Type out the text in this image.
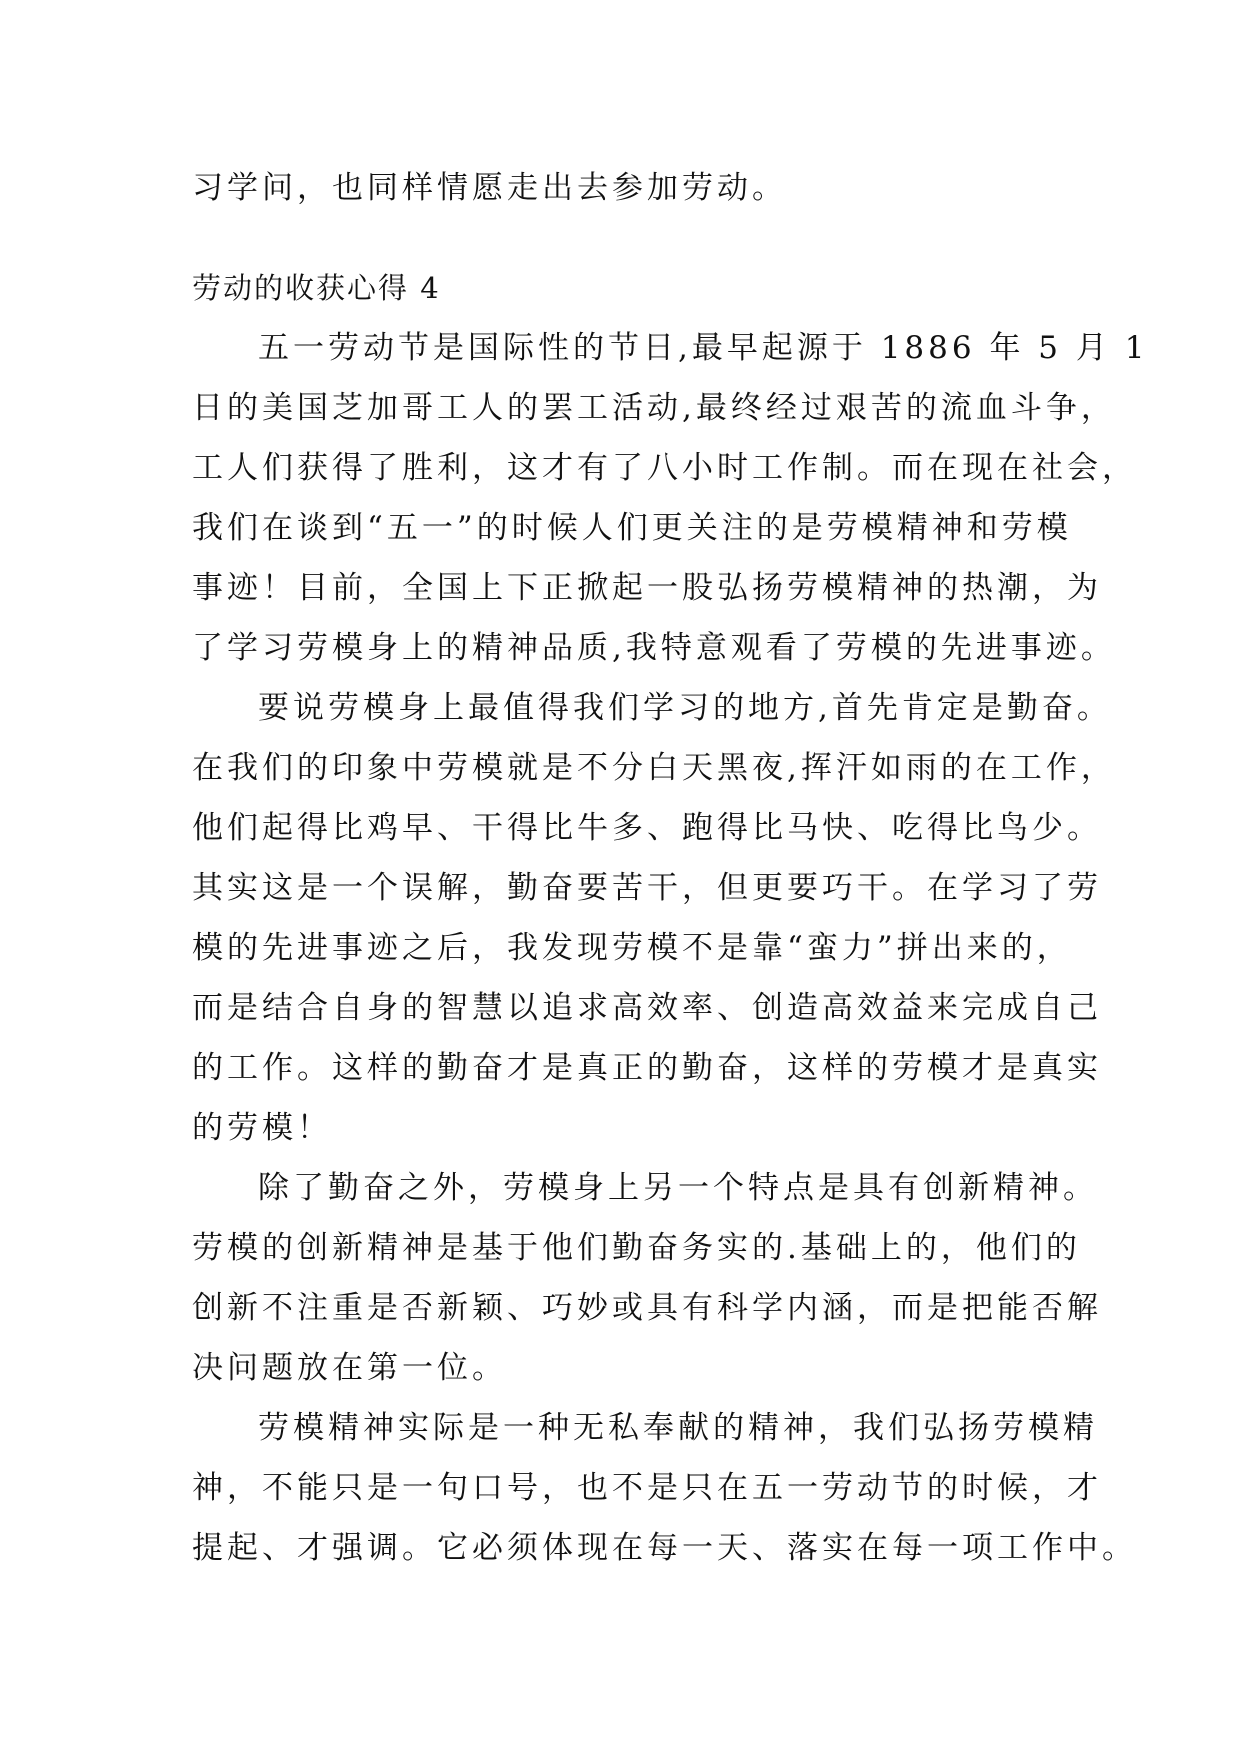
习学问，也同样情愿走出去参加劳动。
劳动的收获心得 4
五一劳动节是国际性的节日,最早起源于 1886 年 5 月 1
日的美国芝加哥工人的罢工活动,最终经过艰苦的流血斗争，
工人们获得了胜利，这才有了八小时工作制。而在现在社会，
我们在谈到“五一”的时候人们更关注的是劳模精神和劳模
事迹！目前，全国上下正掀起一股弘扬劳模精神的热潮，为
了学习劳模身上的精神品质,我特意观看了劳模的先进事迹。
要说劳模身上最值得我们学习的地方,首先肯定是勤奋。
在我们的印象中劳模就是不分白天黑夜,挥汗如雨的在工作，
他们起得比鸡早、干得比牛多、跑得比马快、吃得比鸟少。
其实这是一个误解，勤奋要苦干，但更要巧干。在学习了劳
模的先进事迹之后，我发现劳模不是靠“蛮力”拼出来的，
而是结合自身的智慧以追求高效率、创造高效益来完成自己
的工作。这样的勤奋才是真正的勤奋，这样的劳模才是真实
的劳模！
除了勤奋之外，劳模身上另一个特点是具有创新精神。
劳模的创新精神是基于他们勤奋务实的.基础上的，他们的
创新不注重是否新颖、巧妙或具有科学内涵，而是把能否解
决问题放在第一位。
劳模精神实际是一种无私奉献的精神，我们弘扬劳模精
神，不能只是一句口号，也不是只在五一劳动节的时候，才
提起、才强调。它必须体现在每一天、落实在每一项工作中。
